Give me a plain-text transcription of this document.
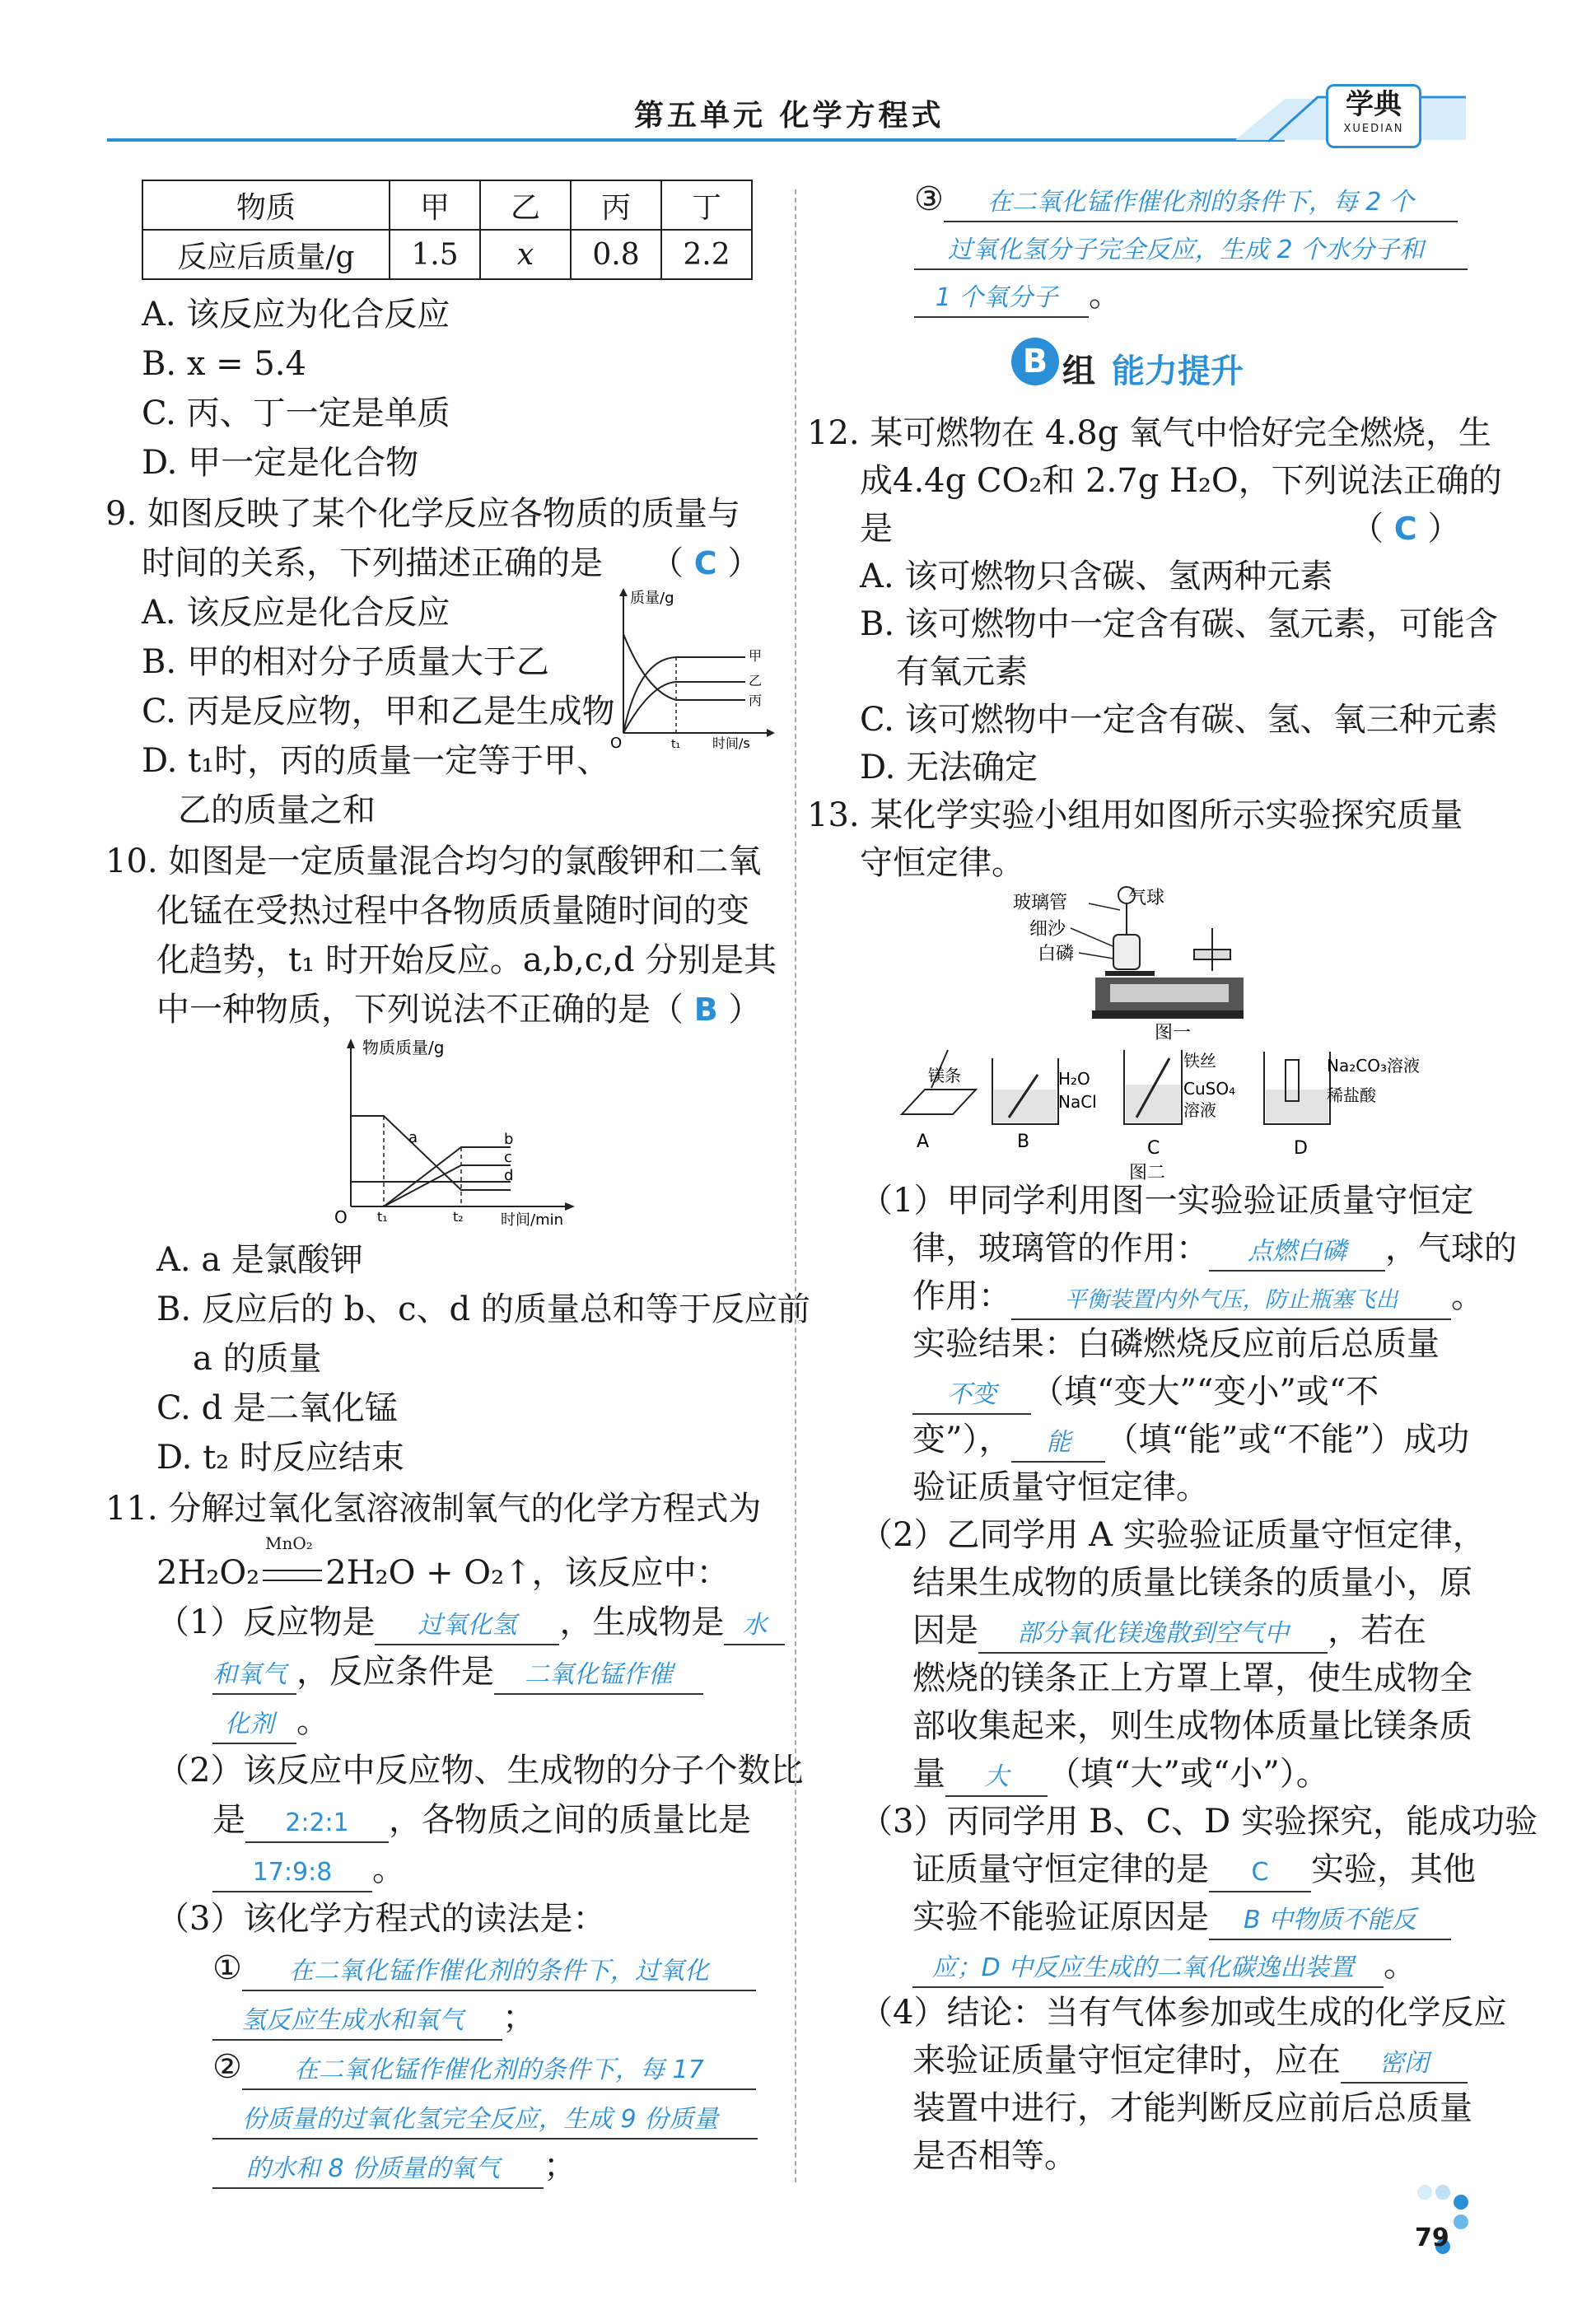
第五单元 化学方程式	学典
XUEDIAN
物质	甲	乙	丙	丁
反应后质量/g	1.5	x	0.8	2.2
A. 该反应为化合反应
B. x = 5.4
C. 丙、丁一定是单质
D. 甲一定是化合物
9. 如图反映了某个化学反应各物质的质量与
时间的关系，下列描述正确的是 （ C ）
A. 该反应是化合反应
B. 甲的相对分子质量大于乙
C. 丙是反应物，甲和乙是生成物
D. t₁时，丙的质量一定等于甲、
乙的质量之和
质量/g
时间/s
O	t₁
甲
乙
丙
10. 如图是一定质量混合均匀的氯酸钾和二氧
化锰在受热过程中各物质质量随时间的变
化趋势，t₁ 时开始反应。a,b,c,d 分别是其
中一种物质，下列说法不正确的是 （ B ）
物质质量/g
时间/min
O t₁	t₂
a	b
c
d
A. a 是氯酸钾
B. 反应后的 b、c、d 的质量总和等于反应前
a 的质量
C. d 是二氧化锰
D. t₂ 时反应结束
11. 分解过氧化氢溶液制氧气的化学方程式为
MnO₂
2H₂O₂ 2H₂O + O₂↑，该反应中：
（1）反应物是 过氧化氢 ，生成物是 水
和氧气 ，反应条件是 二氧化锰作催
化剂 。
（2）该反应中反应物、生成物的分子个数比
是 2:2:1 ，各物质之间的质量比是
17:9:8 。
（3）该化学方程式的读法是：
① 在二氧化锰作催化剂的条件下，过氧化
氢反应生成水和氧气 ；
② 在二氧化锰作催化剂的条件下，每 17
份质量的过氧化氢完全反应，生成 9 份质量
的水和 8 份质量的氧气 ；
③ 在二氧化锰作催化剂的条件下，每 2 个
过氧化氢分子完全反应，生成 2 个水分子和
1 个氧分子 。
B 组 能力提升
12. 某可燃物在 4.8g 氧气中恰好完全燃烧，生
成4.4g CO₂和 2.7g H₂O，下列说法正确的
是	（ C ）
A. 该可燃物只含碳、氢两种元素
B. 该可燃物中一定含有碳、氢元素，可能含
有氧元素
C. 该可燃物中一定含有碳、氢、氧三种元素
D. 无法确定
13. 某化学实验小组用如图所示实验探究质量
守恒定律。
玻璃管	气球
细沙
白磷
图一
镁条
A
H₂O
NaCl
B
铁丝
CuSO₄
溶液
C
图二
Na₂CO₃溶液
稀盐酸
D
（1）甲同学利用图一实验验证质量守恒定
律，玻璃管的作用： 点燃白磷 ，气球的
作用： 平衡装置内外气压，防止瓶塞飞出 。
实验结果：白磷燃烧反应前后总质量
不变 （填“变大”“变小”或“不
变”）， 能 （填“能”或“不能”）成功
验证质量守恒定律。
（2）乙同学用 A 实验验证质量守恒定律，
结果生成物的质量比镁条的质量小，原
因是 部分氧化镁逸散到空气中 ，若在
燃烧的镁条正上方罩上罩，使生成物全
部收集起来，则生成物体质量比镁条质
量 大 （填“大”或“小”）。
（3）丙同学用 B、C、D 实验探究，能成功验
证质量守恒定律的是 C 实验，其他
实验不能验证原因是 B 中物质不能反
应；D 中反应生成的二氧化碳逸出装置 。
（4）结论：当有气体参加或生成的化学反应
来验证质量守恒定律时，应在 密闭
装置中进行，才能判断反应前后总质量
是否相等。
79
